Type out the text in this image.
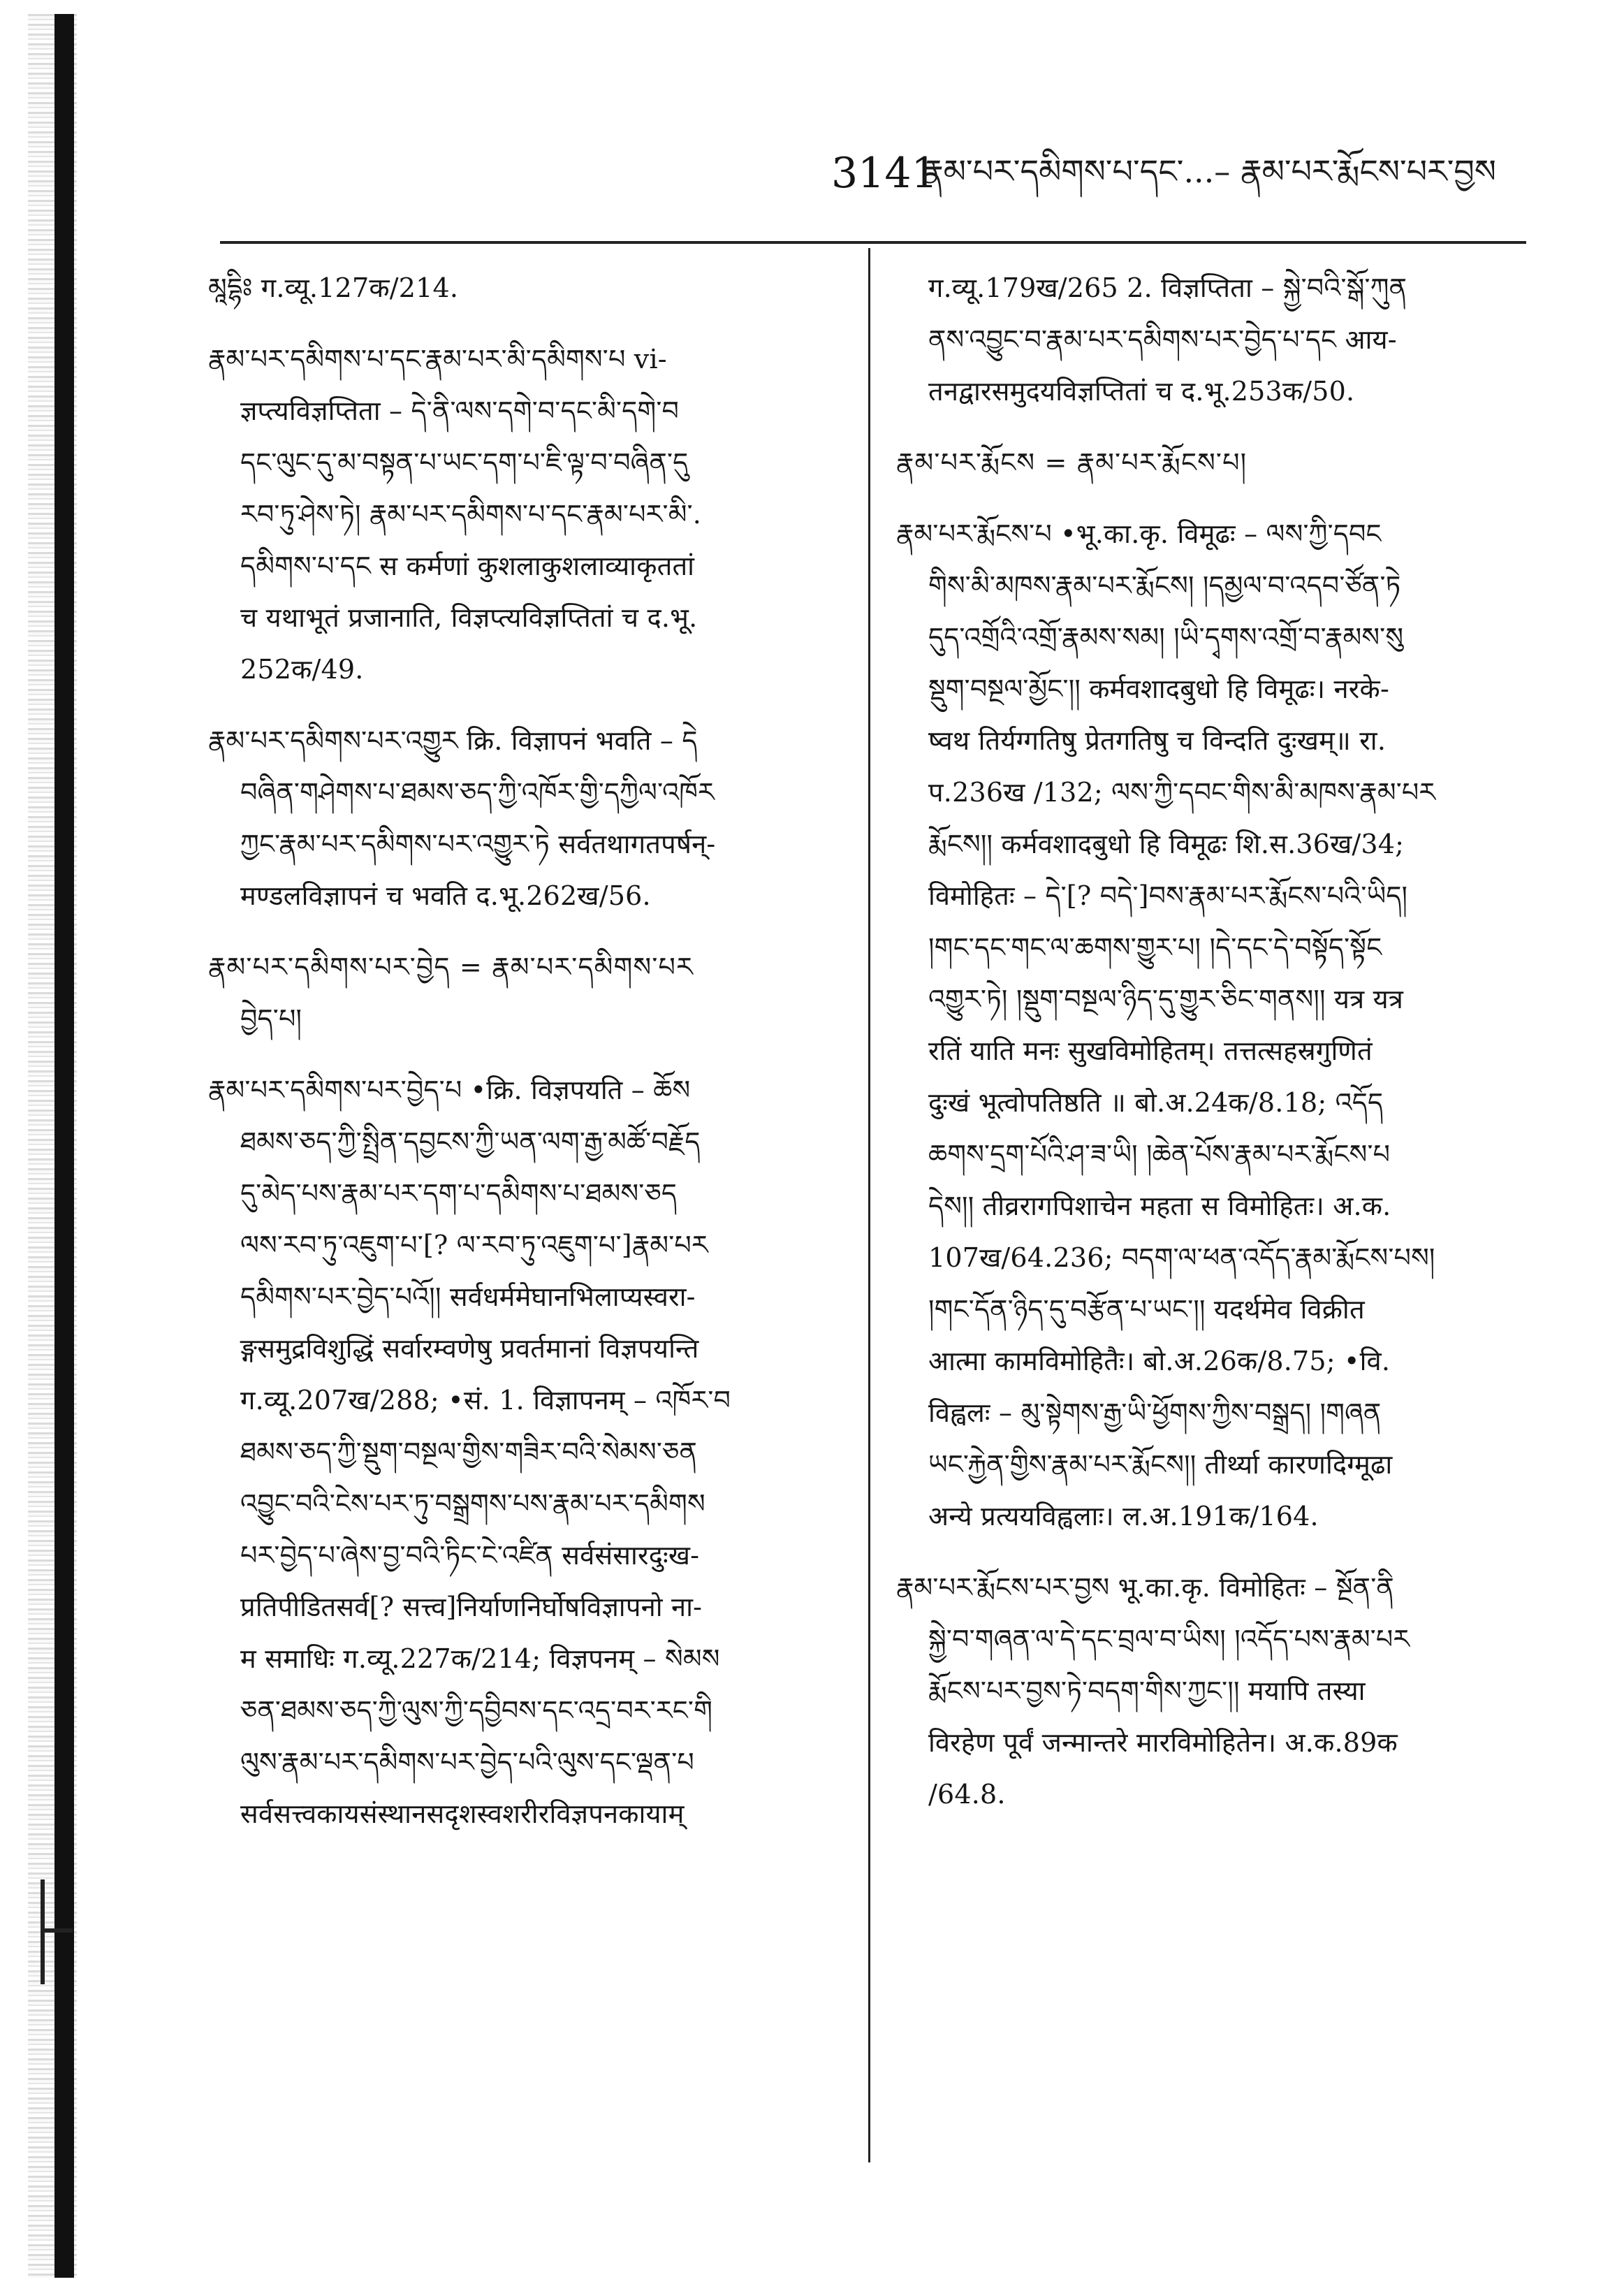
3141
རྣམ་པར་དམིགས་པ་དང་...– རྣམ་པར་རྨོངས་པར་བྱས
མཱདྷིཿ ग.व्यू.127क/214.
རྣམ་པར་དམིགས་པ་དང་རྣམ་པར་མི་དམིགས་པ vi-
ज्ञप्त्यविज्ञप्तिता – དེ་ནི་ལས་དགེ་བ་དང་མི་དགེ་བ
དང་ལུང་དུ་མ་བསྟན་པ་ཡང་དག་པ་ཇི་ལྟ་བ་བཞིན་དུ
རབ་ཏུ་ཤེས་ཏེ། རྣམ་པར་དམིགས་པ་དང་རྣམ་པར་མི་.
དམིགས་པ་དང स कर्मणां कुशलाकुशलाव्याकृततां
च यथाभूतं प्रजानाति, विज्ञप्त्यविज्ञप्तितां च द.भू.
252क/49.
རྣམ་པར་དམིགས་པར་འགྱུར क्रि. विज्ञापनं भवति – དེ
བཞིན་གཤེགས་པ་ཐམས་ཅད་ཀྱི་འཁོར་གྱི་དཀྱིལ་འཁོར
ཀྱང་རྣམ་པར་དམིགས་པར་འགྱུར་ཏེ सर्वतथागतपर्षन्-
मण्डलविज्ञापनं च भवति द.भू.262ख/56.
རྣམ་པར་དམིགས་པར་བྱེད = རྣམ་པར་དམིགས་པར
བྱེད་པ།
རྣམ་པར་དམིགས་པར་བྱེད་པ •क्रि. विज्ञपयति – ཆོས
ཐམས་ཅད་ཀྱི་སྤྲིན་དབྱངས་ཀྱི་ཡན་ལག་རྒྱ་མཚོ་བརྗོད
དུ་མེད་པས་རྣམ་པར་དག་པ་དམིགས་པ་ཐམས་ཅད
ལས་རབ་ཏུ་འཇུག་པ་[? ལ་རབ་ཏུ་འཇུག་པ་]རྣམ་པར
དམིགས་པར་བྱེད་པའོ།། सर्वधर्ममेघानभिलाप्यस्वरा-
ङ्गसमुद्रविशुद्धिं सर्वारम्वणेषु प्रवर्तमानां विज्ञपयन्ति
ग.व्यू.207ख/288; •सं. 1. विज्ञापनम् – འཁོར་བ
ཐམས་ཅད་ཀྱི་སྡུག་བསྔལ་གྱིས་གཟིར་བའི་སེམས་ཅན
འབྱུང་བའི་ངེས་པར་ཏུ་བསྒྲགས་པས་རྣམ་པར་དམིགས
པར་བྱེད་པ་ཞེས་བྱ་བའི་ཏིང་ངེ་འཛིན सर्वसंसारदुःख-
प्रतिपीडितसर्व[? सत्त्व]निर्याणनिर्घोषविज्ञापनो ना-
म समाधिः ग.व्यू.227क/214; विज्ञपनम् – སེམས
ཅན་ཐམས་ཅད་ཀྱི་ལུས་ཀྱི་དབྱིབས་དང་འདྲ་བར་རང་གི
ལུས་རྣམ་པར་དམིགས་པར་བྱེད་པའི་ལུས་དང་ལྡན་པ
सर्वसत्त्वकायसंस्थानसदृशस्वशरीरविज्ञपनकायाम्
ग.व्यू.179ख/265 2. विज्ञप्तिता – སྐྱེ་བའི་སྒོ་ཀུན
ནས་འབྱུང་བ་རྣམ་པར་དམིགས་པར་བྱེད་པ་དང आय-
तनद्वारसमुदयविज्ञप्तितां च द.भू.253क/50.
རྣམ་པར་རྨོངས = རྣམ་པར་རྨོངས་པ།
རྣམ་པར་རྨོངས་པ •भू.का.कृ. विमूढः – ལས་ཀྱི་དབང
གིས་མི་མཁས་རྣམ་པར་རྨོངས། །དམྱལ་བ་འདབ་ཙོན་ཏེ
དུད་འགྲོའི་འགྲོ་རྣམས་སམ། །ཡི་དྭགས་འགྲོ་བ་རྣམས་སུ
སྡུག་བསྔལ་མྱོང་།། कर्मवशादबुधो हि विमूढः। नरके-
ष्वथ तिर्यग्गतिषु प्रेतगतिषु च विन्दति दुःखम्॥ रा.
प.236ख /132; ལས་ཀྱི་དབང་གིས་མི་མཁས་རྣམ་པར
རྨོངས།། कर्मवशादबुधो हि विमूढः शि.स.36ख/34;
विमोहितः – དེ་[? བདེ་]བས་རྣམ་པར་རྨོངས་པའི་ཡིད།
།གང་དང་གང་ལ་ཆགས་གྱུར་པ། །དེ་དང་དེ་བསྟོད་སྟོང
འགྱུར་ཏེ། །སྡུག་བསྔལ་ཉིད་དུ་གྱུར་ཅིང་གནས།། यत्र यत्र
रतिं याति मनः सुखविमोहितम्। तत्तत्सहस्रगुणितं
दुःखं भूत्वोपतिष्ठति ॥ बो.अ.24क/8.18; འདོད
ཆགས་དྲག་པོའི་ཤ་ཟ་ཡི། །ཆེན་པོས་རྣམ་པར་རྨོངས་པ
དེས།། तीव्ररागपिशाचेन महता स विमोहितः। अ.क.
107ख/64.236; བདག་ལ་ཕན་འདོད་རྣམ་རྨོངས་པས།
།གང་དོན་ཉིད་དུ་བརྩོན་པ་ཡང་།། यदर्थमेव विक्रीत
आत्मा कामविमोहितैः। बो.अ.26क/8.75; •वि.
विह्वलः – མུ་སྟེགས་རྒྱ་ཡི་ཕྱོགས་ཀྱིས་བསྒྲད། །གཞན
ཡང་རྐྱེན་གྱིས་རྣམ་པར་རྨོངས།། तीर्थ्या कारणदिग्मूढा
अन्ये प्रत्ययविह्वलाः। ल.अ.191क/164.
རྣམ་པར་རྨོངས་པར་བྱས भू.का.कृ. विमोहितः – སྔོན་ནི
སྐྱེ་བ་གཞན་ལ་དེ་དང་བྲལ་བ་ཡིས། །འདོད་པས་རྣམ་པར
རྨོངས་པར་བྱས་ཏེ་བདག་གིས་ཀྱང་།། मयापि तस्या
विरहेण पूर्वं जन्मान्तरे मारविमोहितेन। अ.क.89क
/64.8.
